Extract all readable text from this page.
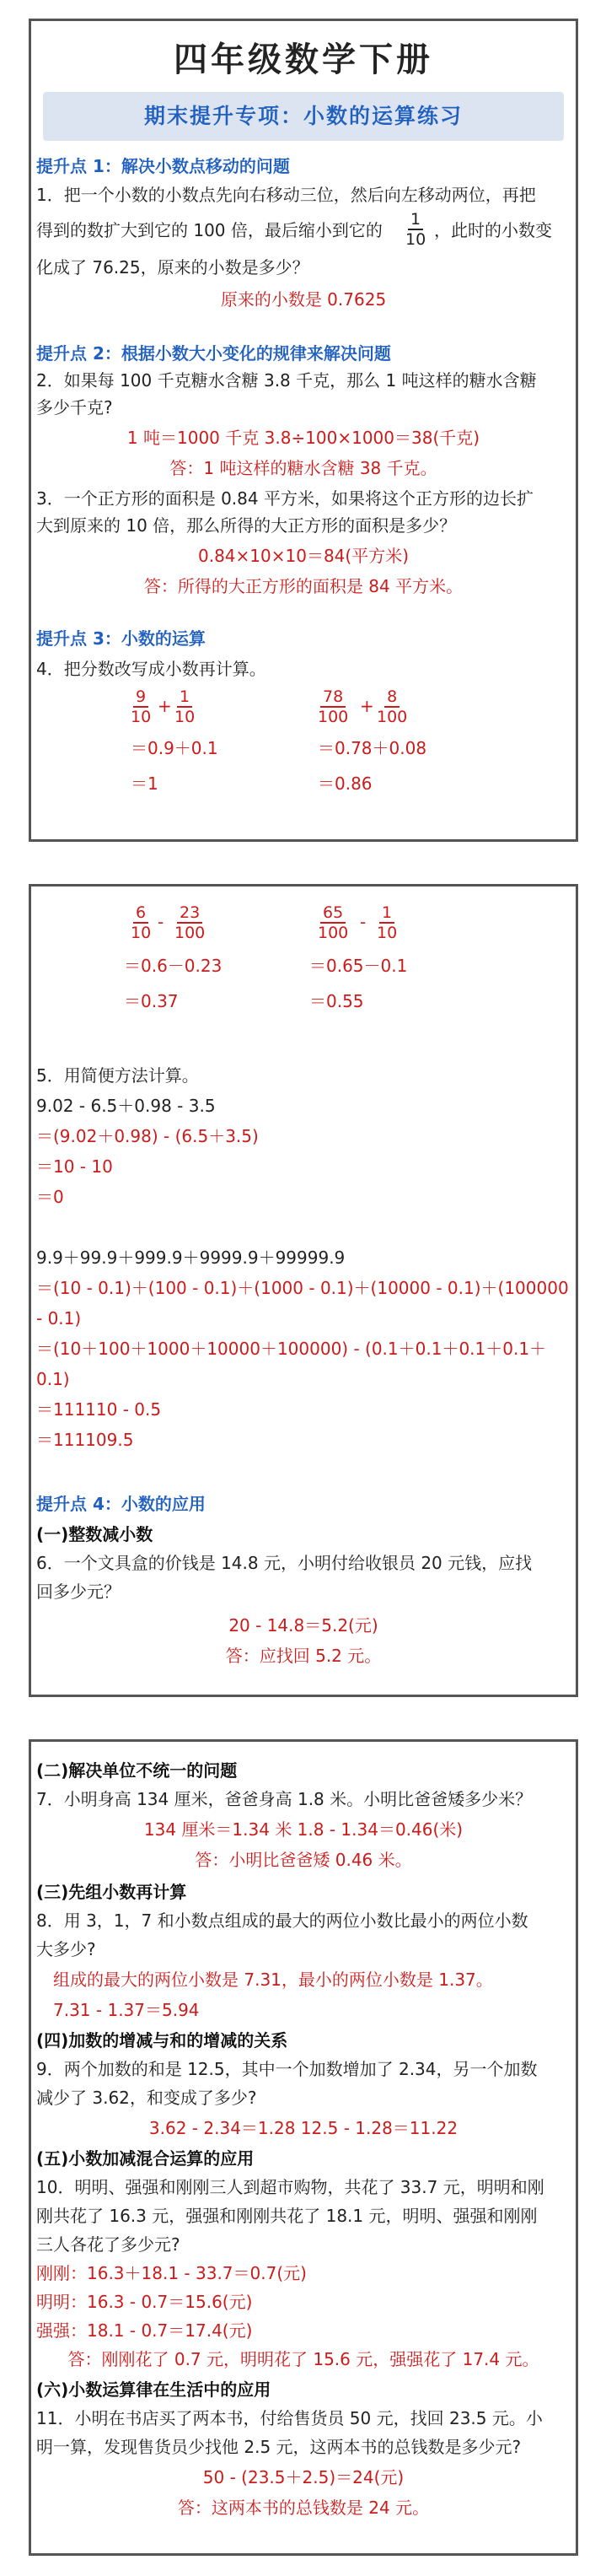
四年级数学下册
期末提升专项：小数的运算练习
提升点 1：解决小数点移动的问题
1．把一个小数的小数点先向右移动三位，然后向左移动两位，再把
得到的数扩大到它的 100 倍，最后缩小到它的 $\frac{1}{10}$ ，此时的小数变
化成了 76.25，原来的小数是多少？
原来的小数是 0.7625
提升点 2：根据小数大小变化的规律来解决问题
2．如果每 100 千克糖水含糖 3.8 千克，那么 1 吨这样的糖水含糖
多少千克?
1 吨＝1000 千克 3.8÷100×1000＝38(千克)
答：1 吨这样的糖水含糖 38 千克。
3．一个正方形的面积是 0.84 平方米，如果将这个正方形的边长扩
大到原来的 10 倍，那么所得的大正方形的面积是多少？
0.84×10×10＝84(平方米)
答：所得的大正方形的面积是 84 平方米。
提升点 3：小数的运算
4．把分数改写成小数再计算。
$\frac{9}{10} + \frac{1}{10}$
＝0.9＋0.1
＝1
$\frac{78}{100} + \frac{8}{100}$
＝0.78＋0.08
＝0.86
$\frac{6}{10} - \frac{23}{100}$
＝0.6－0.23
＝0.37
$\frac{65}{100} - \frac{1}{10}$
＝0.65－0.1
＝0.55
5．用简便方法计算。
9.02 - 6.5＋0.98 - 3.5
＝(9.02＋0.98) - (6.5＋3.5)
＝10 - 10
＝0
9.9＋99.9＋999.9＋9999.9＋99999.9
＝(10 - 0.1)＋(100 - 0.1)＋(1000 - 0.1)＋(10000 - 0.1)＋(100000
- 0.1)
＝(10＋100＋1000＋10000＋100000) - (0.1＋0.1＋0.1＋0.1＋
0.1)
＝111110 - 0.5
＝111109.5
提升点 4：小数的应用
(一)整数减小数
6．一个文具盒的价钱是 14.8 元，小明付给收银员 20 元钱，应找
回多少元？
20 - 14.8＝5.2(元)
答：应找回 5.2 元。
(二)解决单位不统一的问题
7．小明身高 134 厘米，爸爸身高 1.8 米。小明比爸爸矮多少米？
134 厘米＝1.34 米 1.8 - 1.34＝0.46(米)
答：小明比爸爸矮 0.46 米。
(三)先组小数再计算
8．用 3，1，7 和小数点组成的最大的两位小数比最小的两位小数
大多少?
组成的最大的两位小数是 7.31，最小的两位小数是 1.37。
7.31 - 1.37＝5.94
(四)加数的增减与和的增减的关系
9．两个加数的和是 12.5，其中一个加数增加了 2.34，另一个加数
减少了 3.62，和变成了多少?
3.62 - 2.34＝1.28 12.5 - 1.28＝11.22
(五)小数加减混合运算的应用
10．明明、强强和刚刚三人到超市购物，共花了 33.7 元，明明和刚
刚共花了 16.3 元，强强和刚刚共花了 18.1 元，明明、强强和刚刚
三人各花了多少元?
刚刚：16.3＋18.1 - 33.7＝0.7(元)
明明：16.3 - 0.7＝15.6(元)
强强：18.1 - 0.7＝17.4(元)
答：刚刚花了 0.7 元，明明花了 15.6 元，强强花了 17.4 元。
(六)小数运算律在生活中的应用
11．小明在书店买了两本书，付给售货员 50 元，找回 23.5 元。小
明一算，发现售货员少找他 2.5 元，这两本书的总钱数是多少元?
50 - (23.5＋2.5)＝24(元)
答：这两本书的总钱数是 24 元。
